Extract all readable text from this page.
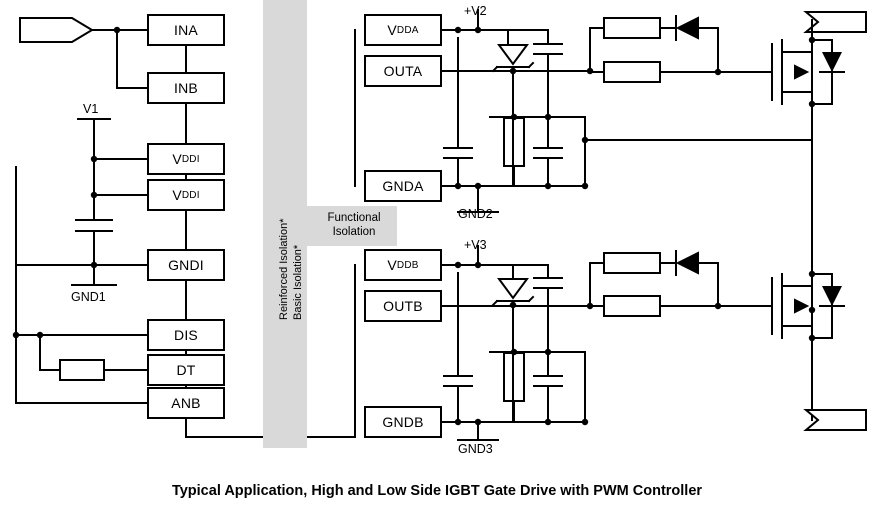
Reinforced Isolation* Basic Isolation*
Functional
Isolation
INA
INB
V DDI
V DDI
GNDI
DIS
DT
ANB
V DDA
OUTA
GNDA
V DDB
OUTB
GNDB
V1
GND1
+V2
GND2
+V3
GND3
Typical Application, High and Low Side IGBT Gate Drive with PWM Controller
